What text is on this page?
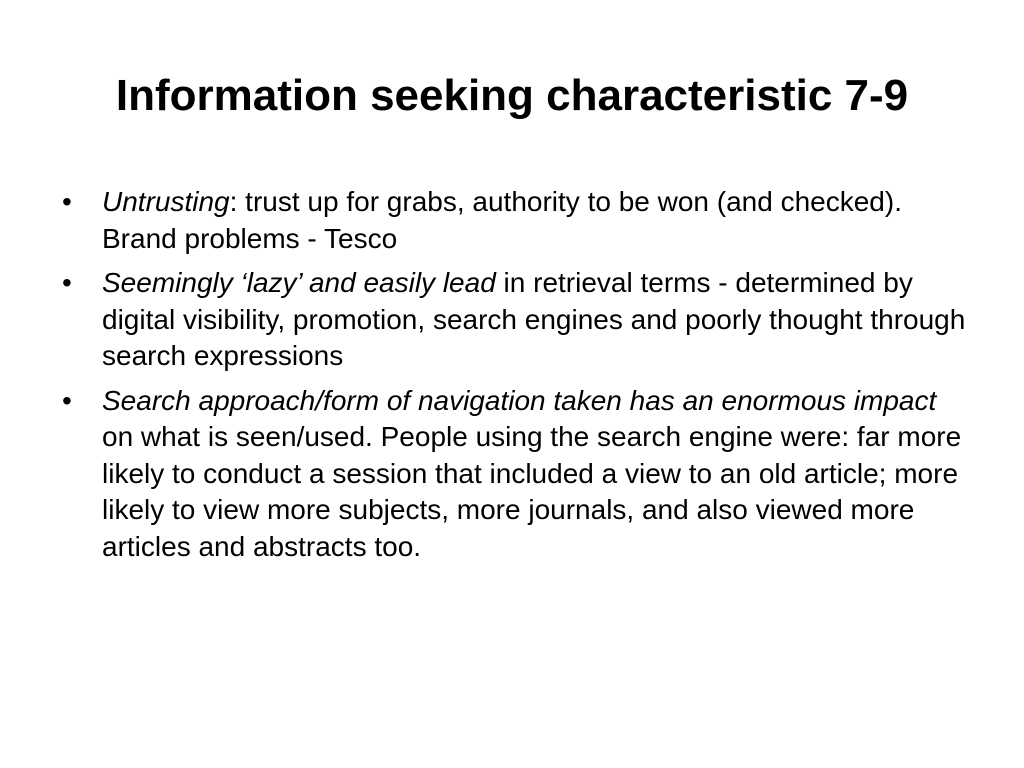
Information seeking characteristic 7-9
•	Untrusting: trust up for grabs, authority to be won (and checked). Brand problems - Tesco
•	Seemingly ‘lazy’ and easily lead in retrieval terms - determined by digital visibility, promotion, search engines and poorly thought through search expressions
•	Search approach/form of navigation taken has an enormous impact on what is seen/used. People using the search engine were: far more likely to conduct a session that included a view to an old article; more likely to view more subjects, more journals, and also viewed more articles and abstracts too.
